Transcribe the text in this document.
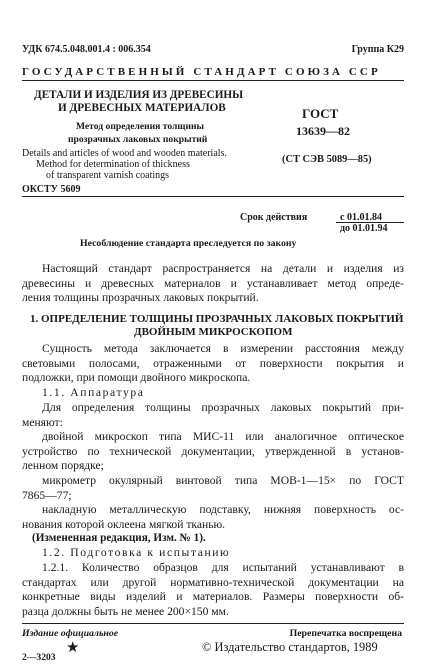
УДК 674.5.048.001.4 : 006.354	Группа К29
ГОСУДАРСТВЕННЫЙ СТАНДАРТ СОЮЗА ССР
ДЕТАЛИ И ИЗДЕЛИЯ ИЗ ДРЕВЕСИНЫ
И ДРЕВЕСНЫХ МАТЕРИАЛОВ
Метод определения толщины
прозрачных лаковых покрытий
Details and articles of wood and wooden materials.
Method for determination of thickness
of transparent varnish coatings
ОКСТУ 5609
ГОСТ
13639—82
(СТ СЭВ 5089—85)
Срок действия	с 01.01.84
до 01.01.94
Несоблюдение стандарта преследуется по закону
Настоящий стандарт распространяется на детали и изделия из
древесины и древесных материалов и устанавливает метод опреде-
ления толщины прозрачных лаковых покрытий.
1. ОПРЕДЕЛЕНИЕ ТОЛЩИНЫ ПРОЗРАЧНЫХ ЛАКОВЫХ ПОКРЫТИЙ
ДВОЙНЫМ МИКРОСКОПОМ
Сущность метода заключается в измерении расстояния между
световыми полосами, отраженными от поверхности покрытия и
подложки, при помощи двойного микроскопа.
1.1. Аппаратура
Для определения толщины прозрачных лаковых покрытий при-
меняют:
двойной микроскоп типа МИС-11 или аналогичное оптическое
устройство по технической документации, утвержденной в установ-
ленном порядке;
микрометр окулярный винтовой типа МОВ-1—15× по ГОСТ
7865—77;
накладную металлическую подставку, нижняя поверхность ос-
нования которой оклеена мягкой тканью.
(Измененная редакция, Изм. № 1).
1.2. Подготовка к испытанию
1.2.1. Количество образцов для испытаний устанавливают в
стандартах или другой нормативно-технической документации на
конкретные виды изделий и материалов. Размеры поверхности об-
разца должны быть не менее 200×150 мм.
Издание официальное	Перепечатка воспрещена
★	© Издательство стандартов, 1989
2—3203
